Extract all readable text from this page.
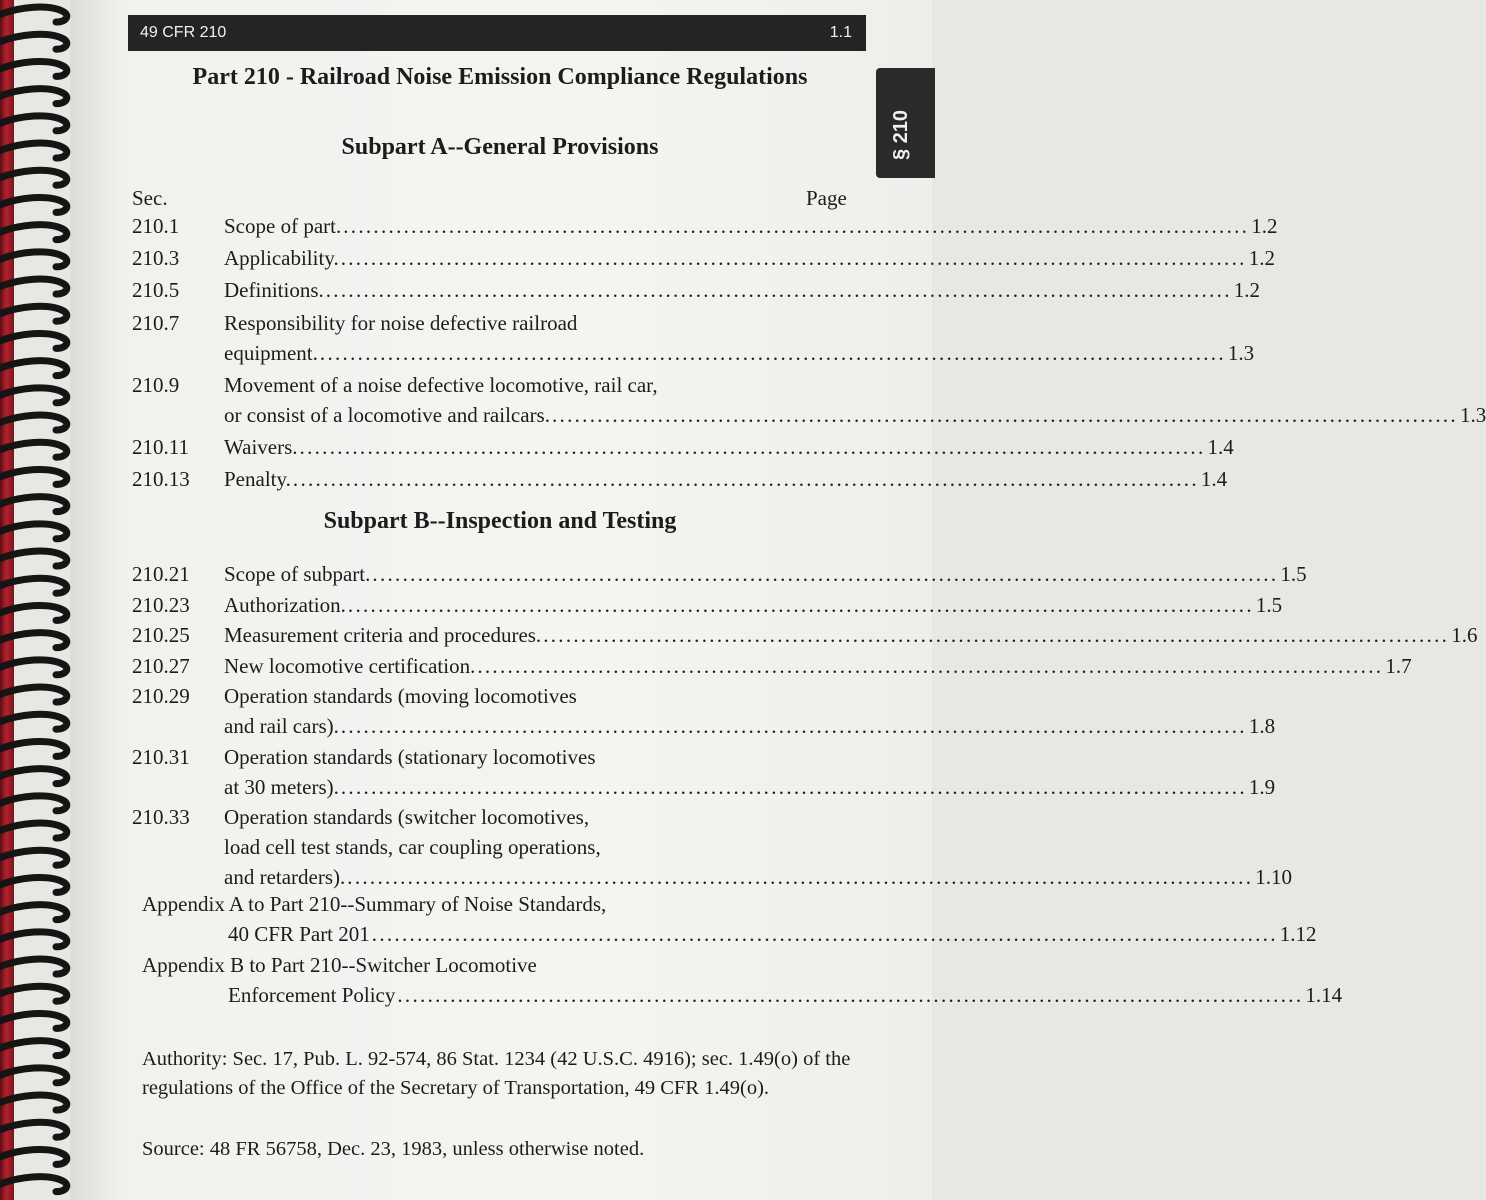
49 CFR 210	1.1
§ 210
Part 210 - Railroad Noise Emission Compliance Regulations
Subpart A--General Provisions
Sec.	Page
210.1 Scope of part. ........................................................................................................................ 1.2
210.3 Applicability. ........................................................................................................................ 1.2
210.5 Definitions. ........................................................................................................................ 1.2
210.7 Responsibility for noise defective railroad
equipment. ........................................................................................................................ 1.3
210.9 Movement of a noise defective locomotive, rail car,
or consist of a locomotive and railcars. ........................................................................................................................ 1.3
210.11 Waivers. ........................................................................................................................ 1.4
210.13 Penalty. ........................................................................................................................ 1.4
Subpart B--Inspection and Testing
210.21 Scope of subpart. ........................................................................................................................ 1.5
210.23 Authorization. ........................................................................................................................ 1.5
210.25 Measurement criteria and procedures. ........................................................................................................................ 1.6
210.27 New locomotive certification. ........................................................................................................................ 1.7
210.29 Operation standards (moving locomotives
and rail cars). ........................................................................................................................ 1.8
210.31 Operation standards (stationary locomotives
at 30 meters). ........................................................................................................................ 1.9
210.33 Operation standards (switcher locomotives,
load cell test stands, car coupling operations,
and retarders). ........................................................................................................................ 1.10
Appendix A to Part 210--Summary of Noise Standards,
40 CFR Part 201 ........................................................................................................................ 1.12
Appendix B to Part 210--Switcher Locomotive
Enforcement Policy ........................................................................................................................ 1.14
Authority: Sec. 17, Pub. L. 92-574, 86 Stat. 1234 (42 U.S.C. 4916); sec. 1.49(o) of the regulations of the Office of the Secretary of Transportation, 49 CFR 1.49(o).
Source: 48 FR 56758, Dec. 23, 1983, unless otherwise noted.
